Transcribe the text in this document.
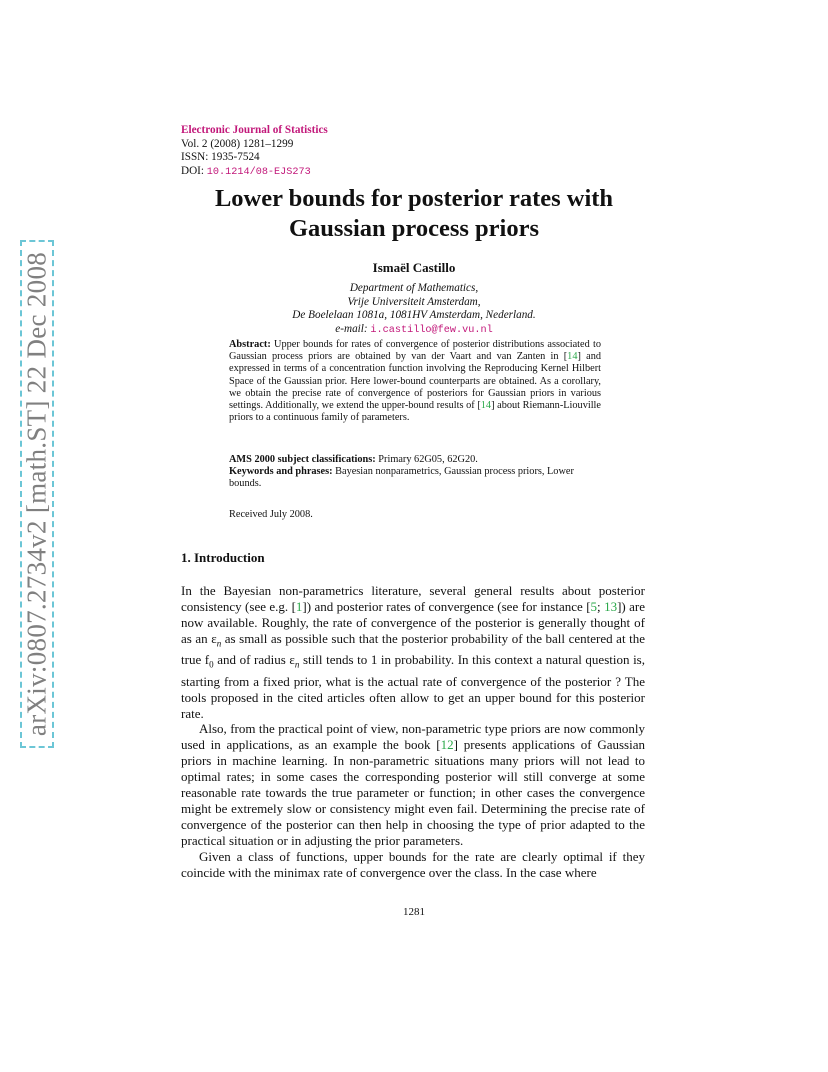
arXiv:0807.2734v2 [math.ST] 22 Dec 2008
Electronic Journal of Statistics
Vol. 2 (2008) 1281–1299
ISSN: 1935-7524
DOI: 10.1214/08-EJS273
Lower bounds for posterior rates with
Gaussian process priors
Ismaël Castillo
Department of Mathematics,
Vrije Universiteit Amsterdam,
De Boelelaan 1081a, 1081HV Amsterdam, Nederland.
e-mail: i.castillo@few.vu.nl
Abstract: Upper bounds for rates of convergence of posterior distributions associated to Gaussian process priors are obtained by van der Vaart and van Zanten in [14] and expressed in terms of a concentration function involving the Reproducing Kernel Hilbert Space of the Gaussian prior. Here lower-bound counterparts are obtained. As a corollary, we obtain the precise rate of convergence of posteriors for Gaussian priors in various settings. Additionally, we extend the upper-bound results of [14] about Riemann-Liouville priors to a continuous family of parameters.
AMS 2000 subject classifications: Primary 62G05, 62G20.
Keywords and phrases: Bayesian nonparametrics, Gaussian process priors, Lower bounds.
Received July 2008.
1. Introduction

In the Bayesian non-parametrics literature, several general results about posterior consistency (see e.g. [1]) and posterior rates of convergence (see for instance [5; 13]) are now available. Roughly, the rate of convergence of the posterior is generally thought of as an $\varepsilon_n$ as small as possible such that the posterior probability of the ball centered at the true $f_0$ and of radius $\varepsilon_n$ still tends to 1 in probability. In this context a natural question is, starting from a fixed prior, what is the actual rate of convergence of the posterior ? The tools proposed in the cited articles often allow to get an upper bound for this posterior rate.

Also, from the practical point of view, non-parametric type priors are now commonly used in applications, as an example the book [12] presents applications of Gaussian priors in machine learning. In non-parametric situations many priors will not lead to optimal rates; in some cases the corresponding posterior will still converge at some reasonable rate towards the true parameter or function; in other cases the convergence might be extremely slow or consistency might even fail. Determining the precise rate of convergence of the posterior can then help in choosing the type of prior adapted to the practical situation or in adjusting the prior parameters.

Given a class of functions, upper bounds for the rate are clearly optimal if they coincide with the minimax rate of convergence over the class. In the case where

1281
